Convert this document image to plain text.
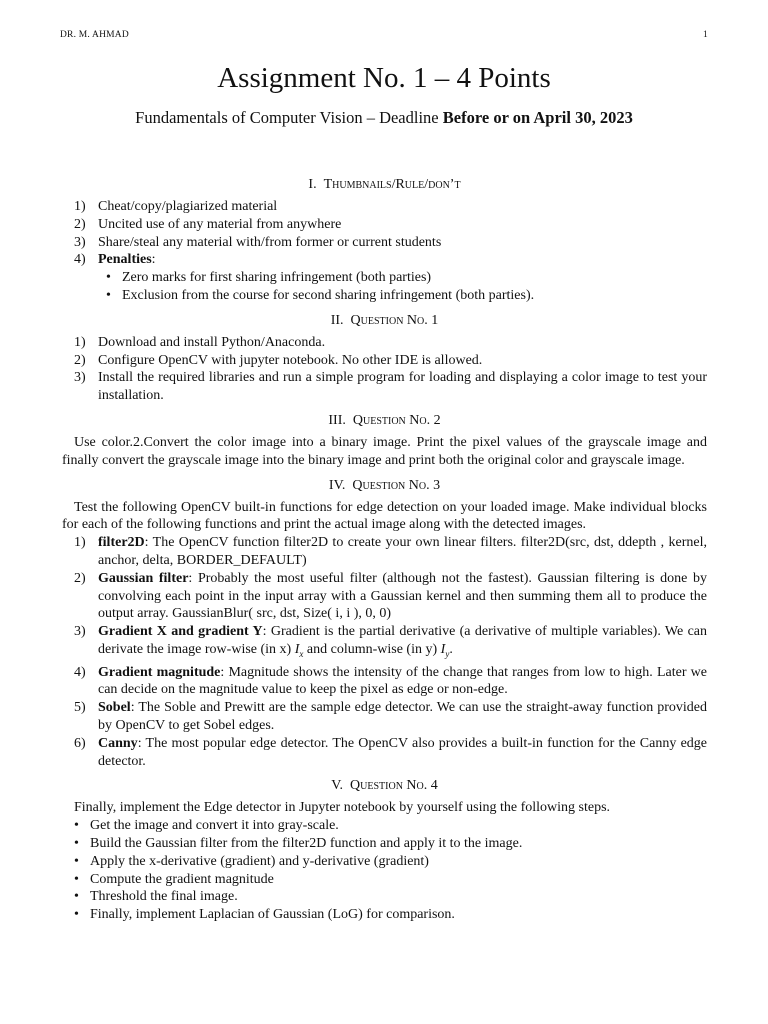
DR. M. AHMAD	1
Assignment No. 1 – 4 Points
Fundamentals of Computer Vision – Deadline Before or on April 30, 2023
I. Thumbnails/Rule/don’t
1) Cheat/copy/plagiarized material
2) Uncited use of any material from anywhere
3) Share/steal any material with/from former or current students
4) Penalties:
• Zero marks for first sharing infringement (both parties)
• Exclusion from the course for second sharing infringement (both parties).
II. Question No. 1
1) Download and install Python/Anaconda.
2) Configure OpenCV with jupyter notebook. No other IDE is allowed.
3) Install the required libraries and run a simple program for loading and displaying a color image to test your installation.
III. Question No. 2

Use color.2.Convert the color image into a binary image. Print the pixel values of the grayscale image and finally convert the grayscale image into the binary image and print both the original color and grayscale image.

IV. Question No. 3

Test the following OpenCV built-in functions for edge detection on your loaded image. Make individual blocks for each of the following functions and print the actual image along with the detected images.

1) filter2D: The OpenCV function filter2D to create your own linear filters. filter2D(src, dst, ddepth , kernel, anchor, delta, BORDER_DEFAULT)
2) Gaussian filter: Probably the most useful filter (although not the fastest). Gaussian filtering is done by convolving each point in the input array with a Gaussian kernel and then summing them all to produce the output array. GaussianBlur( src, dst, Size( i, i ), 0, 0)
3) Gradient X and gradient Y: Gradient is the partial derivative (a derivative of multiple variables). We can derivate the image row-wise (in x) $I_x$ and column-wise (in y) $I_y$.
4) Gradient magnitude: Magnitude shows the intensity of the change that ranges from low to high. Later we can decide on the magnitude value to keep the pixel as edge or non-edge.
5) Sobel: The Soble and Prewitt are the sample edge detector. We can use the straight-away function provided by OpenCV to get Sobel edges.
6) Canny: The most popular edge detector. The OpenCV also provides a built-in function for the Canny edge detector.
V. Question No. 4

Finally, implement the Edge detector in Jupyter notebook by yourself using the following steps.

• Get the image and convert it into gray-scale.
• Build the Gaussian filter from the filter2D function and apply it to the image.
• Apply the x-derivative (gradient) and y-derivative (gradient)
• Compute the gradient magnitude
• Threshold the final image.
• Finally, implement Laplacian of Gaussian (LoG) for comparison.
